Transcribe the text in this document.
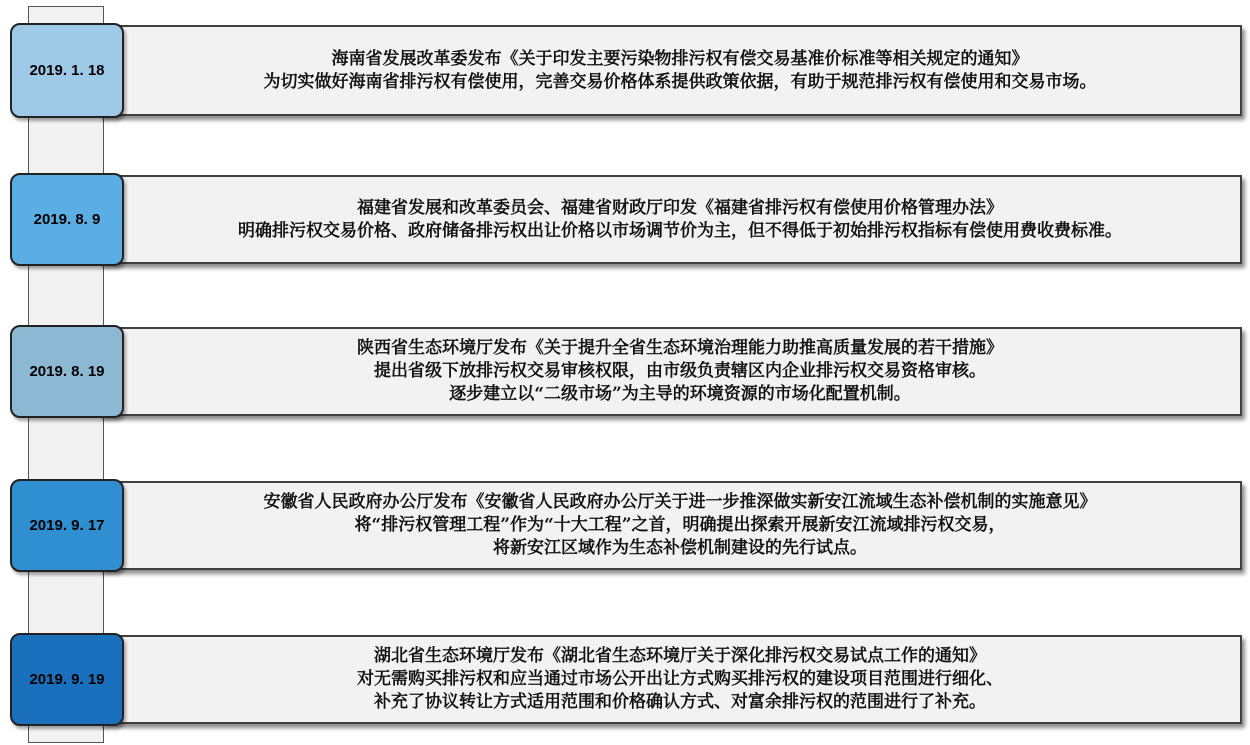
海南省发展改革委发布《关于印发主要污染物排污权有偿交易基准价标准等相关规定的通知》
为切实做好海南省排污权有偿使用，完善交易价格体系提供政策依据，有助于规范排污权有偿使用和交易市场。
2019. 1. 18
福建省发展和改革委员会、福建省财政厅印发《福建省排污权有偿使用价格管理办法》
明确排污权交易价格、政府储备排污权出让价格以市场调节价为主，但不得低于初始排污权指标有偿使用费收费标准。
2019. 8. 9
陕西省生态环境厅发布《关于提升全省生态环境治理能力助推高质量发展的若干措施》
提出省级下放排污权交易审核权限，由市级负责辖区内企业排污权交易资格审核。
逐步建立以“二级市场”为主导的环境资源的市场化配置机制。
2019. 8. 19
安徽省人民政府办公厅发布《安徽省人民政府办公厅关于进一步推深做实新安江流域生态补偿机制的实施意见》
将“排污权管理工程”作为“十大工程”之首，明确提出探索开展新安江流域排污权交易，
将新安江区域作为生态补偿机制建设的先行试点。
2019. 9. 17
湖北省生态环境厅发布《湖北省生态环境厅关于深化排污权交易试点工作的通知》
对无需购买排污权和应当通过市场公开出让方式购买排污权的建设项目范围进行细化、
补充了协议转让方式适用范围和价格确认方式、对富余排污权的范围进行了补充。
2019. 9. 19
